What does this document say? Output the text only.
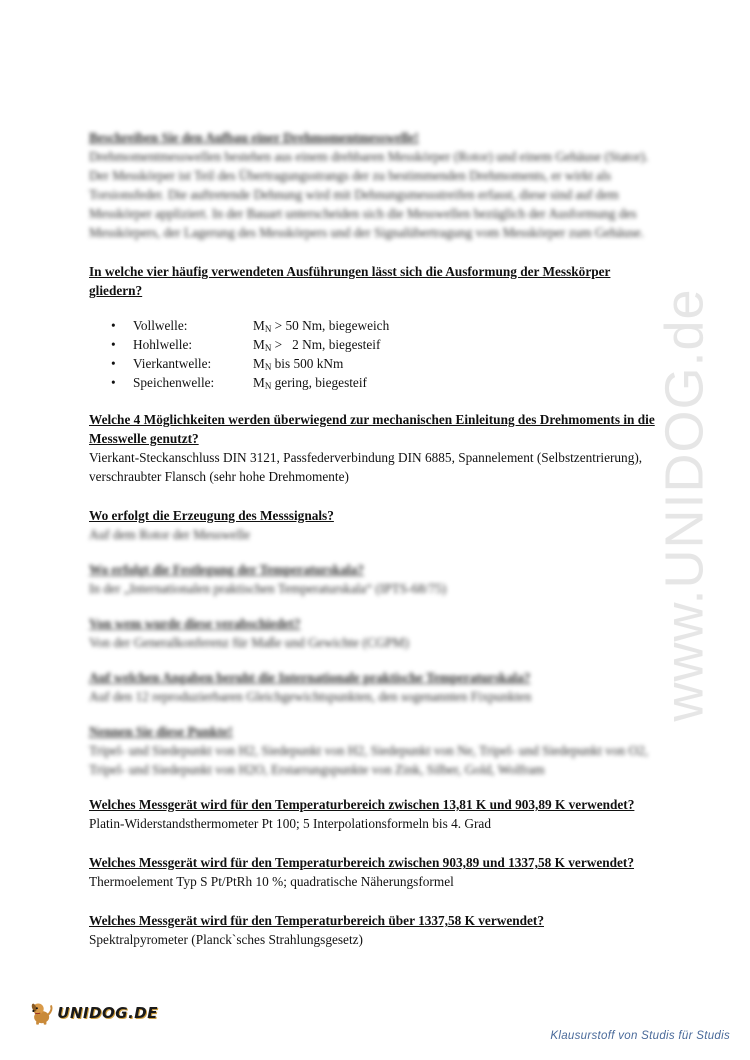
www.UNIDOG.de

Beschreiben Sie den Aufbau einer Drehmomentmesswelle!

Drehmomentmesswellen bestehen aus einem drehbaren Messkörper (Rotor) und einem Gehäuse (Stator). Der Messkörper ist Teil des Übertragungsstrangs der zu bestimmenden Drehmoments, er wirkt als Torsionsfeder. Die auftretende Dehnung wird mit Dehnungsmessstreifen erfasst, diese sind auf dem Messkörper appliziert. In der Bauart unterscheiden sich die Messwellen bezüglich der Ausformung des Messkörpers, der Lagerung des Messkörpers und der Signalübertragung vom Messkörper zum Gehäuse.

In welche vier häufig verwendeten Ausführungen lässt sich die Ausformung der Messkörper gliedern?

• Vollwelle:	$M_N > 50$ Nm, biegeweich
• Hohlwelle:	$M_N > 2$ Nm, biegesteif
• Vierkantwelle:	$M_N$ bis 500 kNm
• Speichenwelle:	$M_N$ gering, biegesteif

Welche 4 Möglichkeiten werden überwiegend zur mechanischen Einleitung des Drehmoments in die Messwelle genutzt?

Vierkant-Steckanschluss DIN 3121, Passfederverbindung DIN 6885, Spannelement (Selbstzentrierung), verschraubter Flansch (sehr hohe Drehmomente)

Wo erfolgt die Erzeugung des Messsignals?

Auf dem Rotor der Messwelle

Wo erfolgt die Festlegung der Temperaturskala?

In der „Internationalen praktischen Temperaturskala“ (IPTS-68/75)

Von wem wurde diese verabschiedet?

Von der Generalkonferenz für Maße und Gewichte (CGPM)

Auf welchen Angaben beruht die Internationale praktische Temperaturskala?

Auf den 12 reproduzierbaren Gleichgewichtspunkten, den sogenannten Fixpunkten

Nennen Sie diese Punkte!

Tripel- und Siedepunkt von H2, Siedepunkt von H2, Siedepunkt von Ne, Tripel- und Siedepunkt von O2, Tripel- und Siedepunkt von H2O, Erstarrungspunkte von Zink, Silber, Gold, Wolfram

Welches Messgerät wird für den Temperaturbereich zwischen 13,81 K und 903,89 K verwendet?

Platin-Widerstandsthermometer Pt 100; 5 Interpolationsformeln bis 4. Grad

Welches Messgerät wird für den Temperaturbereich zwischen 903,89 und 1337,58 K verwendet?

Thermoelement Typ S Pt/PtRh 10 %; quadratische Näherungsformel

Welches Messgerät wird für den Temperaturbereich über 1337,58 K verwendet?

Spektralpyrometer (Planck`sches Strahlungsgesetz)

UNIDOG.DE
Klausurstoff von Studis für Studis
